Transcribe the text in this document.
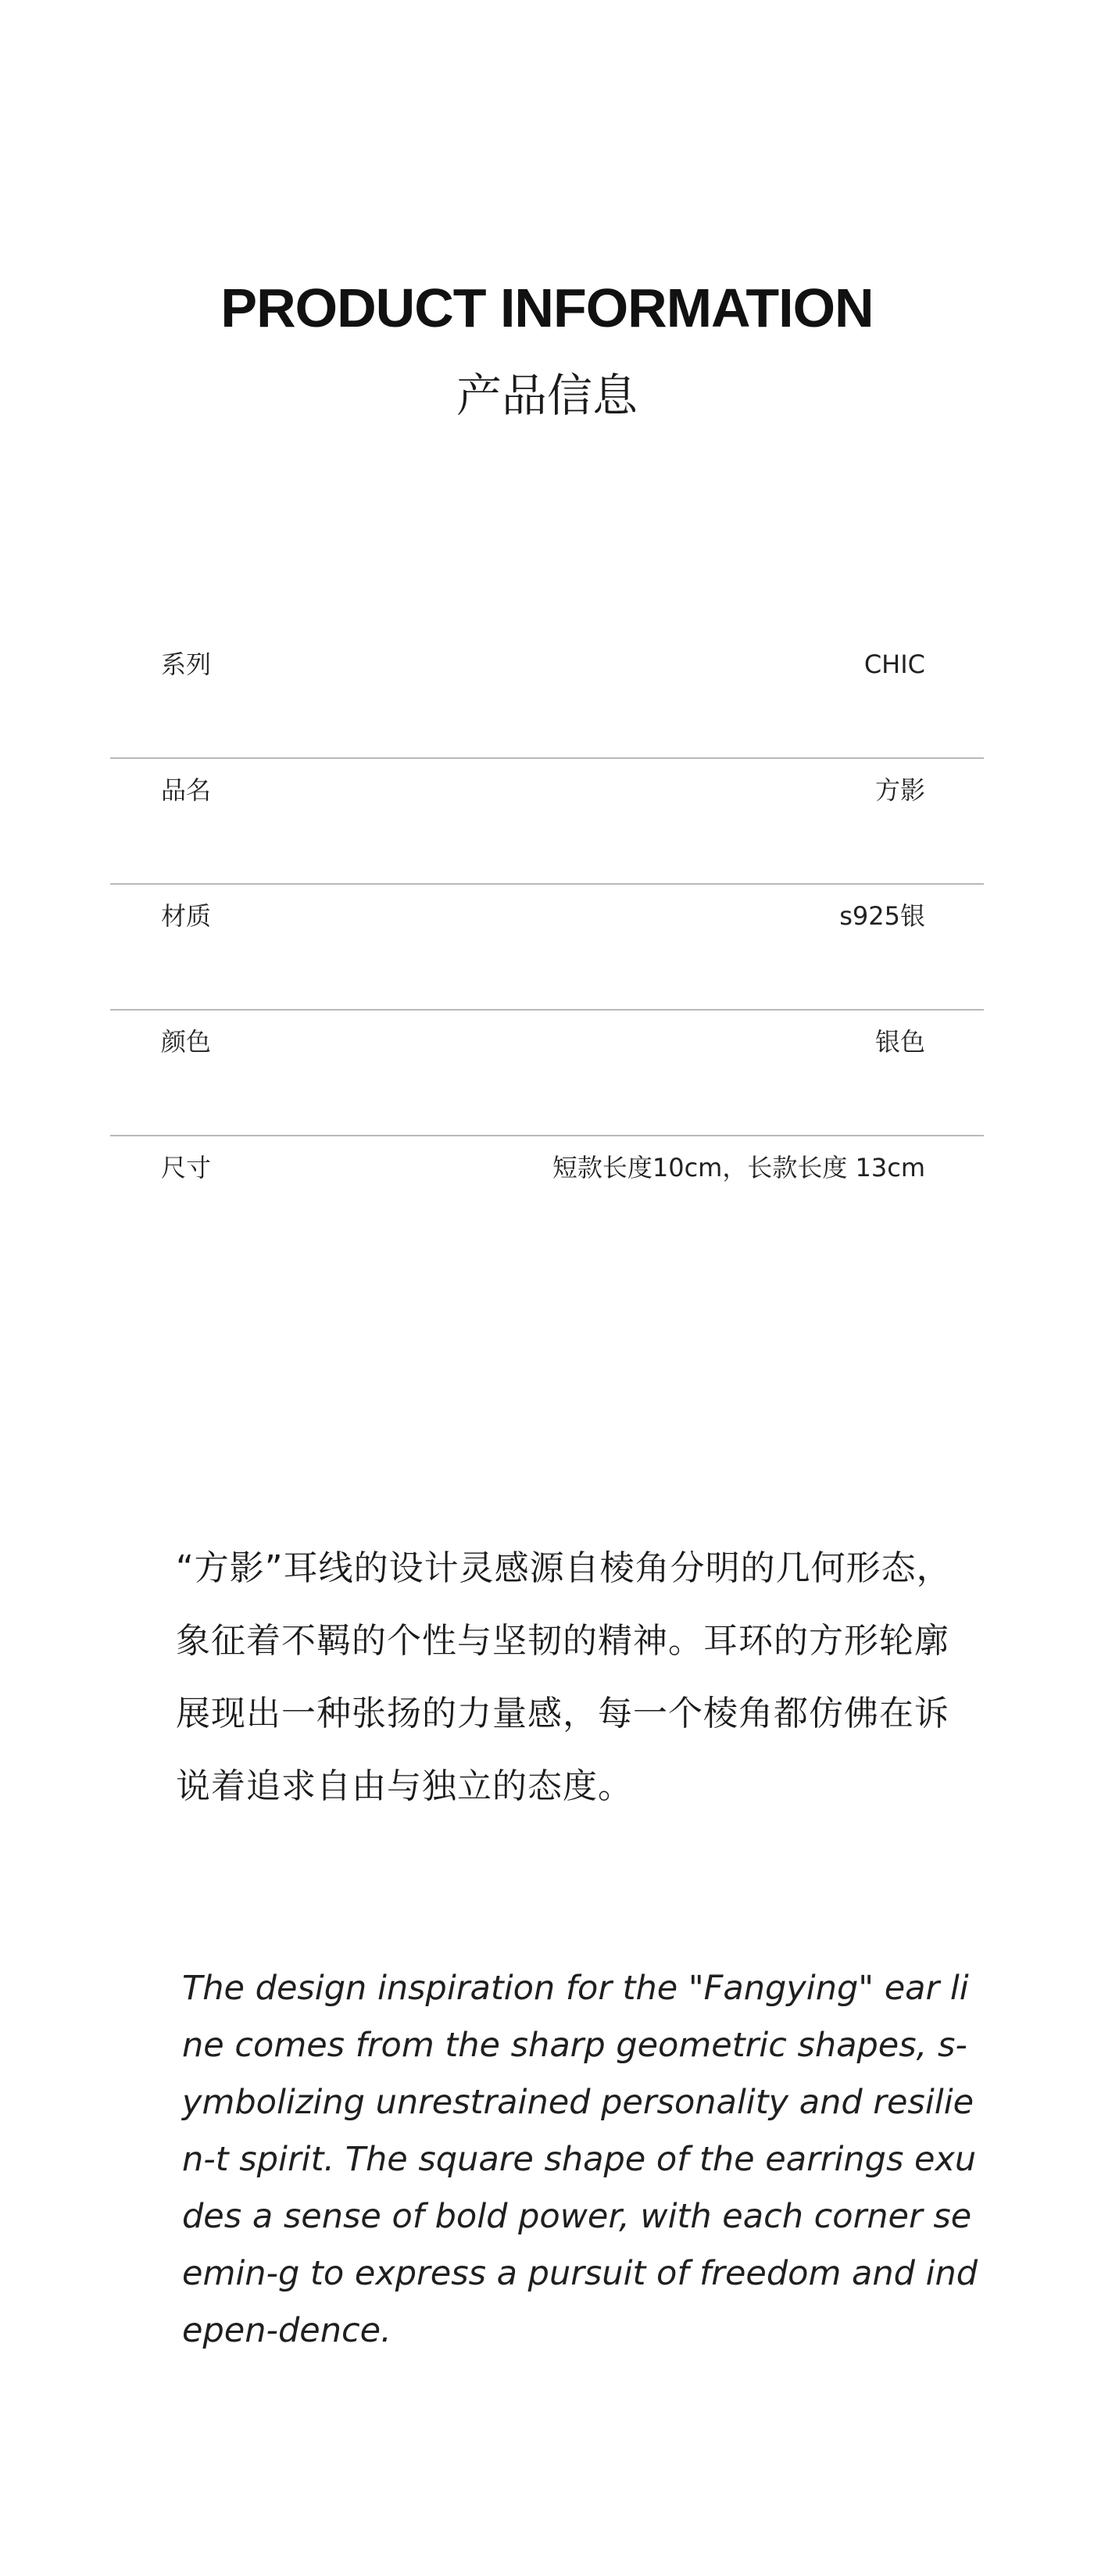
PRODUCT INFORMATION
产品信息
系列	CHIC
品名	方影
材质	s925银
颜色	银色
尺寸	短款长度10cm，长款长度 13cm

“方影”耳线的设计灵感源自棱角分明的几何形态，象征着不羁的个性与坚韧的精神。耳环的方形轮廓展现出一种张扬的力量感，每一个棱角都仿佛在诉说着追求自由与独立的态度。

The design inspiration for the "Fangying" ear line comes from the sharp geometric shapes, s-ymbolizing unrestrained personality and resilien-t spirit. The square shape of the earrings exudes a sense of bold power, with each corner seemin-g to express a pursuit of freedom and indepen-dence.
